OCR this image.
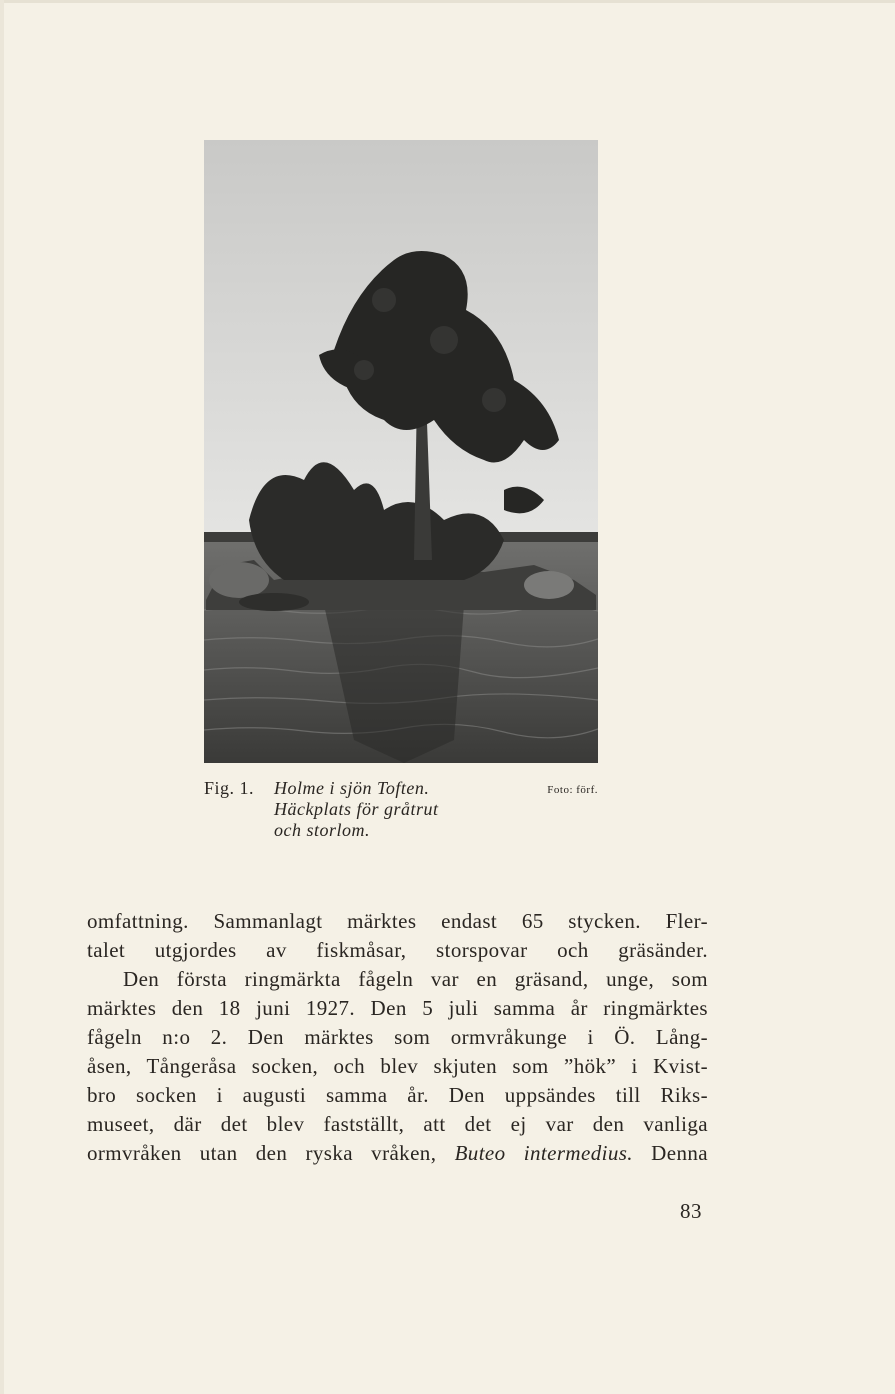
Fig. 1. Holme i sjön Toften.
Häckplats för gråtrut
och storlom.
Foto: förf.
omfattning. Sammanlagt märktes endast 65 stycken. Fler-
talet utgjordes av fiskmåsar, storspovar och gräsänder.
Den första ringmärkta fågeln var en gräsand, unge, som
märktes den 18 juni 1927. Den 5 juli samma år ringmärktes
fågeln n:o 2. Den märktes som ormvråkunge i Ö. Lång-
åsen, Tångeråsa socken, och blev skjuten som ”hök” i Kvist-
bro socken i augusti samma år. Den uppsändes till Riks-
museet, där det blev fastställt, att det ej var den vanliga
ormvråken utan den ryska vråken, Buteo intermedius. Denna
83
